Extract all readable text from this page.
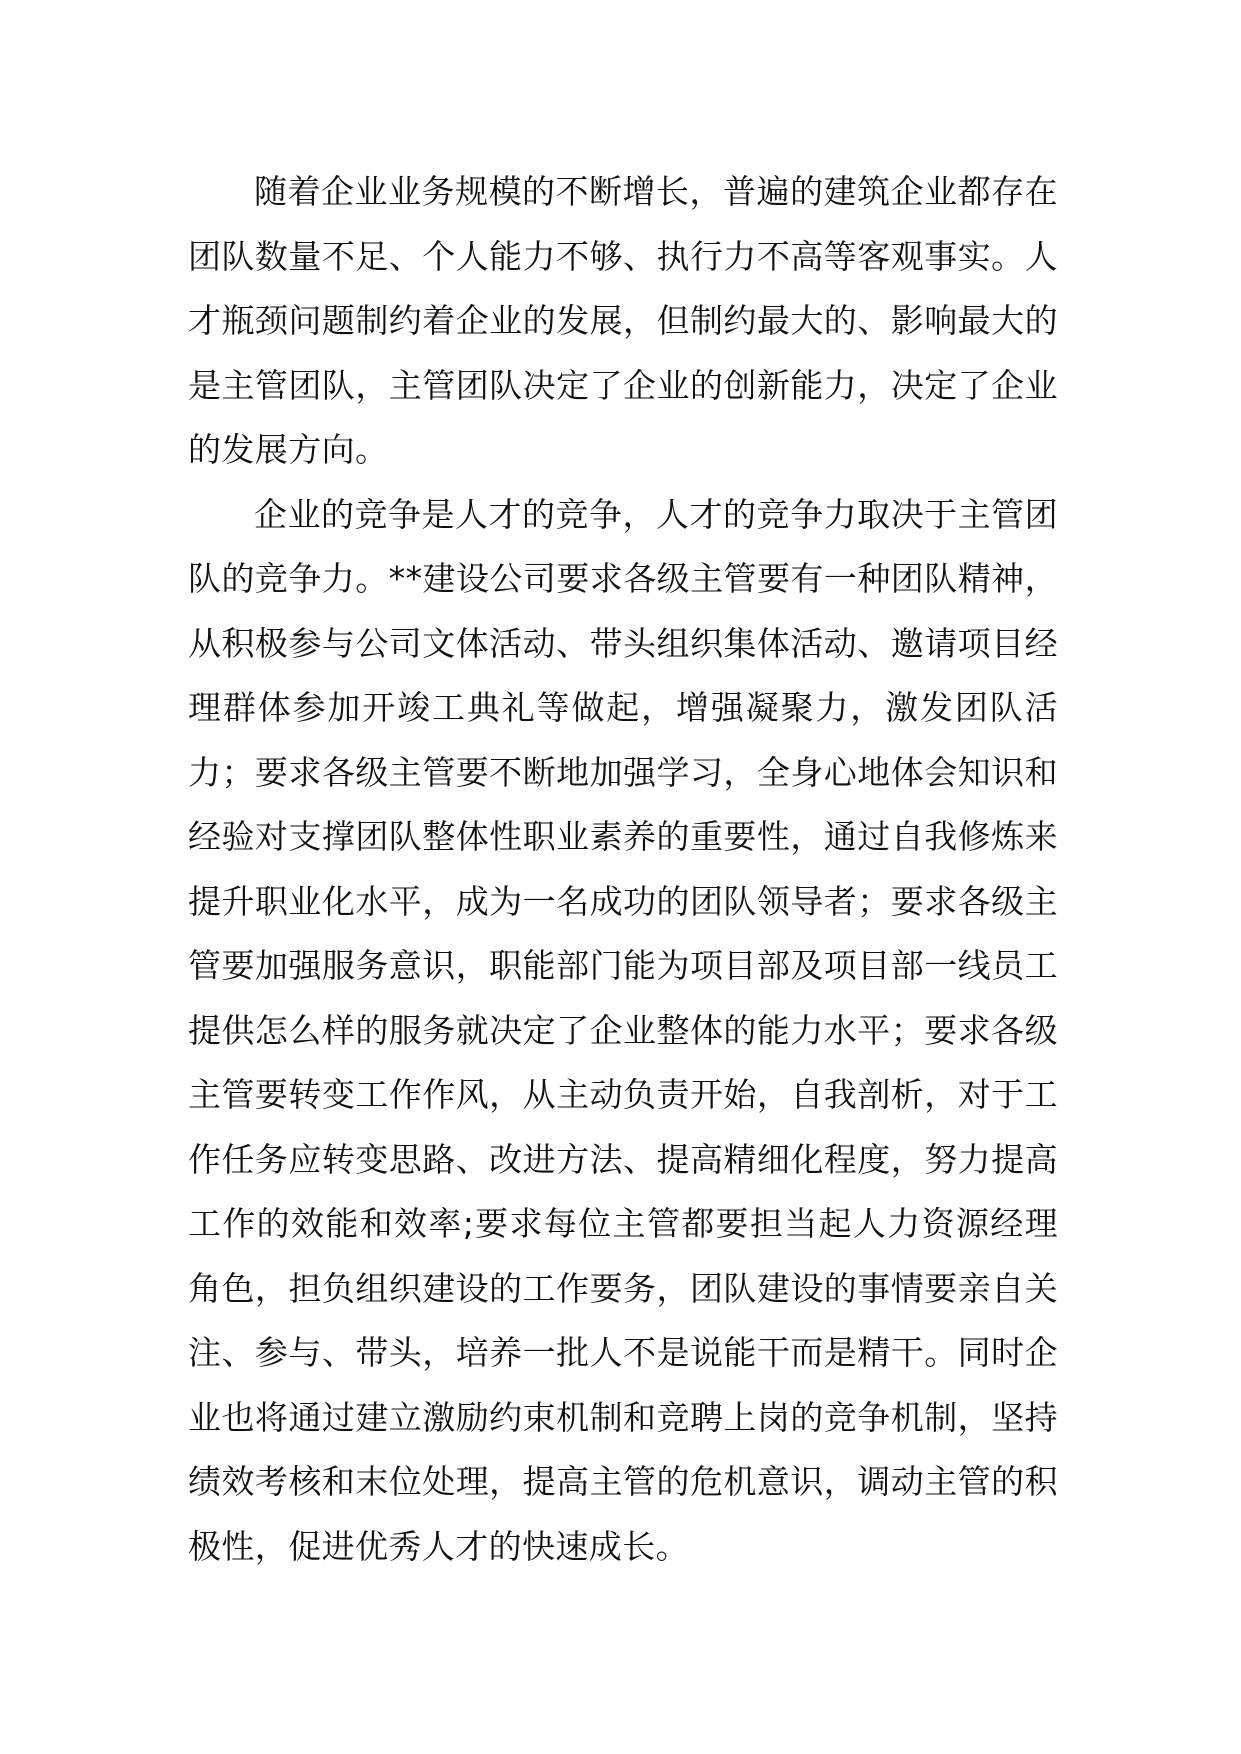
随着企业业务规模的不断增长，普遍的建筑企业都存在团队数量不足、个人能力不够、执行力不高等客观事实。人才瓶颈问题制约着企业的发展，但制约最大的、影响最大的是主管团队，主管团队决定了企业的创新能力，决定了企业的发展方向。

企业的竞争是人才的竞争，人才的竞争力取决于主管团队的竞争力。**建设公司要求各级主管要有一种团队精神，从积极参与公司文体活动、带头组织集体活动、邀请项目经理群体参加开竣工典礼等做起，增强凝聚力，激发团队活力；要求各级主管要不断地加强学习，全身心地体会知识和经验对支撑团队整体性职业素养的重要性，通过自我修炼来提升职业化水平，成为一名成功的团队领导者；要求各级主管要加强服务意识，职能部门能为项目部及项目部一线员工提供怎么样的服务就决定了企业整体的能力水平；要求各级主管要转变工作作风，从主动负责开始，自我剖析，对于工作任务应转变思路、改进方法、提高精细化程度，努力提高工作的效能和效率;要求每位主管都要担当起人力资源经理角色，担负组织建设的工作要务，团队建设的事情要亲自关注、参与、带头，培养一批人不是说能干而是精干。同时企业也将通过建立激励约束机制和竞聘上岗的竞争机制，坚持绩效考核和末位处理，提高主管的危机意识，调动主管的积极性，促进优秀人才的快速成长。
